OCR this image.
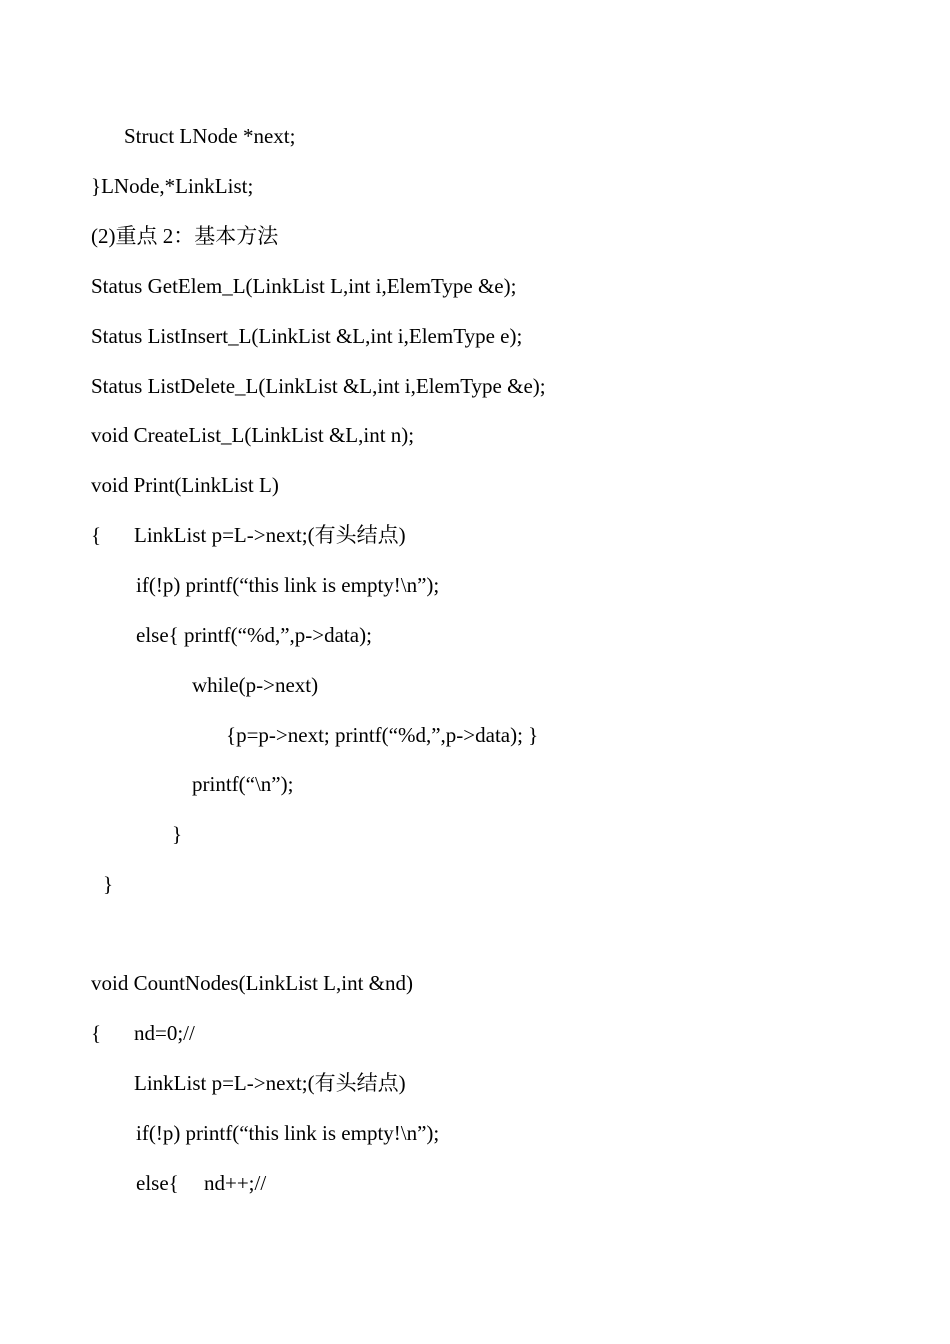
Struct LNode *next;
}LNode,*LinkList;
(2)重点 2：基本方法
Status GetElem_L(LinkList L,int i,ElemType &e);
Status ListInsert_L(LinkList &L,int i,ElemType e);
Status ListDelete_L(LinkList &L,int i,ElemType &e);
void CreateList_L(LinkList &L,int n);
void Print(LinkList L)
{ LinkList p=L->next;(有头结点)
if(!p) printf(“this link is empty!\n”);
else{ printf(“%d,”,p->data);
while(p->next)
{p=p->next; printf(“%d,”,p->data); }
printf(“\n”);
}
}
void CountNodes(LinkList L,int &nd)
{ nd=0;//
LinkList p=L->next;(有头结点)
if(!p) printf(“this link is empty!\n”);
else{ nd++;//
